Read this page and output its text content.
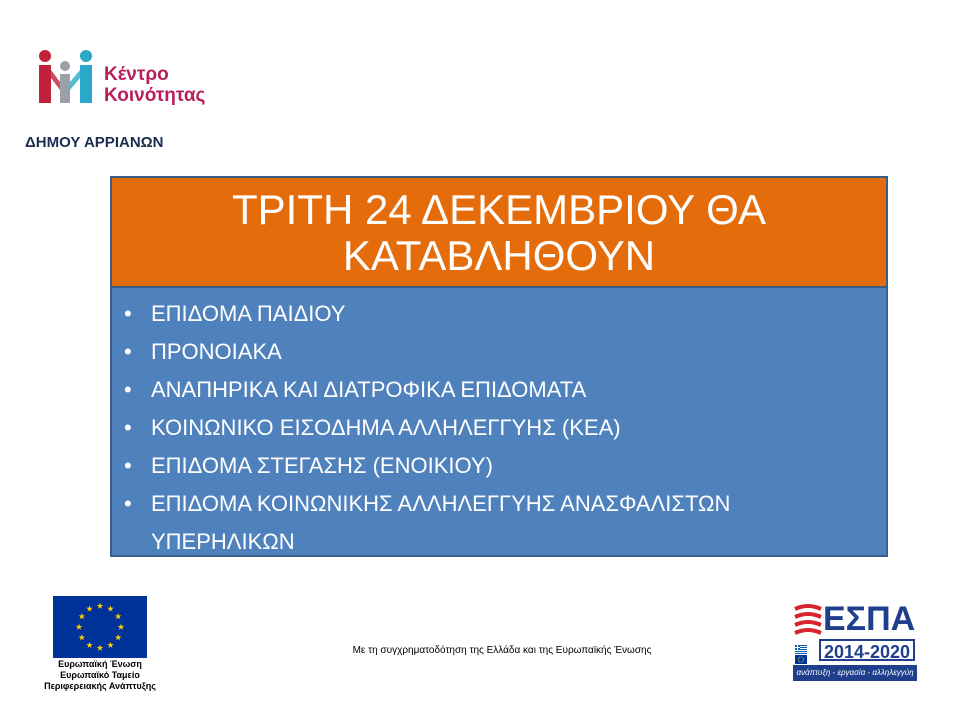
Κέντρο
Κοινότητας
ΔΗΜΟΥ ΑΡΡΙΑΝΩΝ
ΤΡΙΤΗ 24 ΔΕΚΕΜΒΡΙΟΥ ΘΑ
ΚΑΤΑΒΛΗΘΟΥΝ
• ΕΠΙΔΟΜΑ ΠΑΙΔΙΟΥ
• ΠΡΟΝΟΙΑΚΑ
• ΑΝΑΠΗΡΙΚΑ ΚΑΙ ΔΙΑΤΡΟΦΙΚΑ ΕΠΙΔΟΜΑΤΑ
• ΚΟΙΝΩΝΙΚΟ ΕΙΣΟΔΗΜΑ ΑΛΛΗΛΕΓΓΥΗΣ (ΚΕΑ)
• ΕΠΙΔΟΜΑ ΣΤΕΓΑΣΗΣ (ΕΝΟΙΚΙΟΥ)
• ΕΠΙΔΟΜΑ ΚΟΙΝΩΝΙΚΗΣ ΑΛΛΗΛΕΓΓΥΗΣ ΑΝΑΣΦΑΛΙΣΤΩΝ ΥΠΕΡΗΛΙΚΩΝ
Ευρωπαϊκή Ένωση
Ευρωπαϊκό Ταμείο
Περιφερειακής Ανάπτυξης
Με τη συγχρηματοδότηση της Ελλάδα και της Ευρωπαϊκής Ένωσης
ΕΣΠΑ
2014-2020
ανάπτυξη - εργασία - αλληλεγγύη
